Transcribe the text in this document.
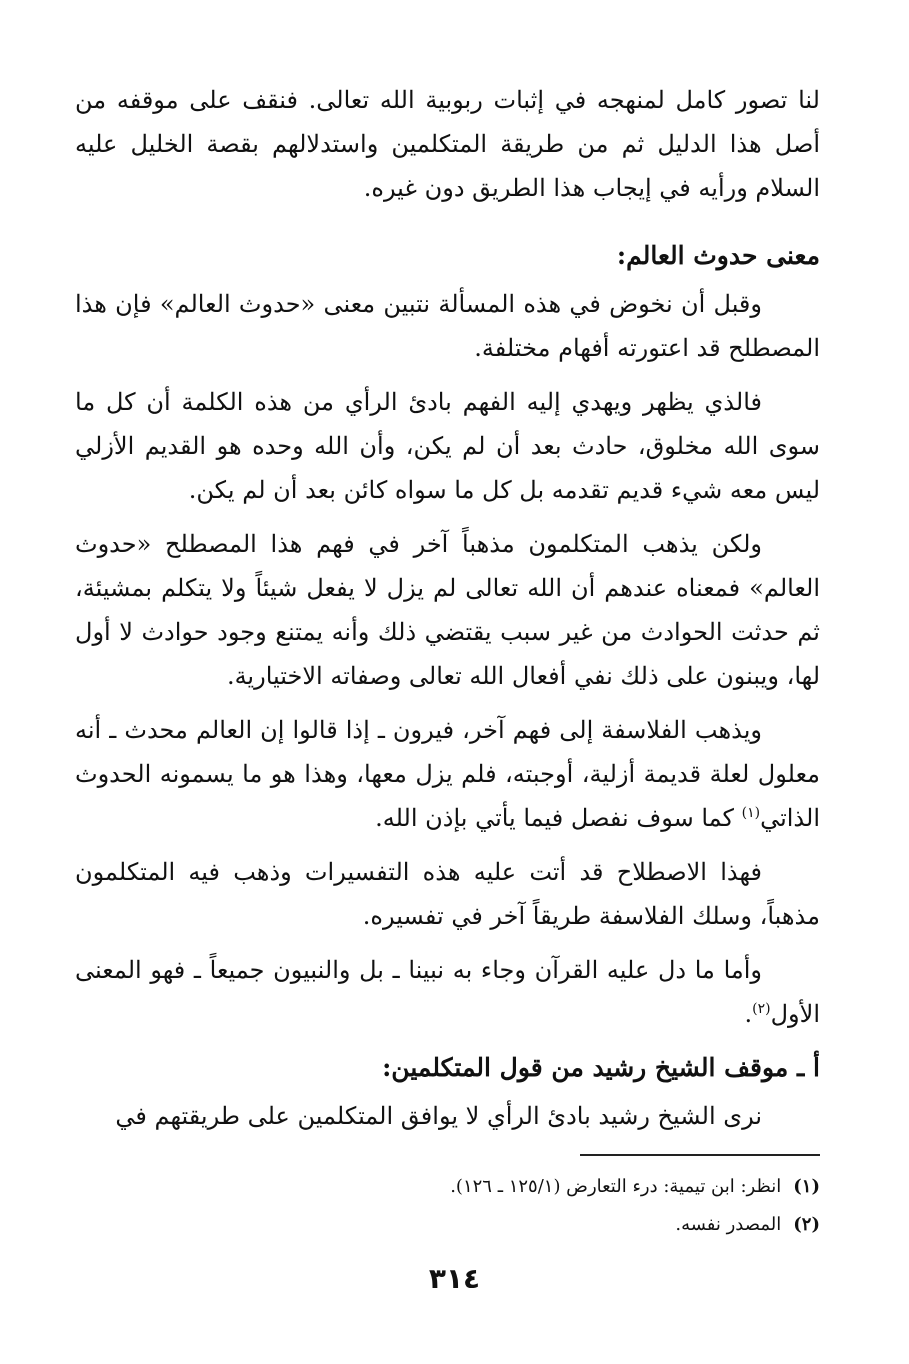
لنا تصور كامل لمنهجه في إثبات ربوبية الله تعالى. فنقف على موقفه من أصل هذا الدليل ثم من طريقة المتكلمين واستدلالهم بقصة الخليل عليه السلام ورأيه في إيجاب هذا الطريق دون غيره.

معنى حدوث العالم:

وقبل أن نخوض في هذه المسألة نتبين معنى «حدوث العالم» فإن هذا المصطلح قد اعتورته أفهام مختلفة.

فالذي يظهر ويهدي إليه الفهم بادئ الرأي من هذه الكلمة أن كل ما سوى الله مخلوق، حادث بعد أن لم يكن، وأن الله وحده هو القديم الأزلي ليس معه شيء قديم تقدمه بل كل ما سواه كائن بعد أن لم يكن.

ولكن يذهب المتكلمون مذهباً آخر في فهم هذا المصطلح «حدوث العالم» فمعناه عندهم أن الله تعالى لم يزل لا يفعل شيئاً ولا يتكلم بمشيئة، ثم حدثت الحوادث من غير سبب يقتضي ذلك وأنه يمتنع وجود حوادث لا أول لها، ويبنون على ذلك نفي أفعال الله تعالى وصفاته الاختيارية.

ويذهب الفلاسفة إلى فهم آخر، فيرون ـ إذا قالوا إن العالم محدث ـ أنه معلول لعلة قديمة أزلية، أوجبته، فلم يزل معها، وهذا هو ما يسمونه الحدوث الذاتي$^{(١)}$ كما سوف نفصل فيما يأتي بإذن الله.

فهذا الاصطلاح قد أتت عليه هذه التفسيرات وذهب فيه المتكلمون مذهباً، وسلك الفلاسفة طريقاً آخر في تفسيره.

وأما ما دل عليه القرآن وجاء به نبينا ـ بل والنبيون جميعاً ـ فهو المعنى الأول$^{(٢)}$.

أ ـ موقف الشيخ رشيد من قول المتكلمين:

نرى الشيخ رشيد بادئ الرأي لا يوافق المتكلمين على طريقتهم في

(١)انظر: ابن تيمية: درء التعارض (١٢٥/١ ـ ١٢٦).
(٢)المصدر نفسه.
٣١٤
